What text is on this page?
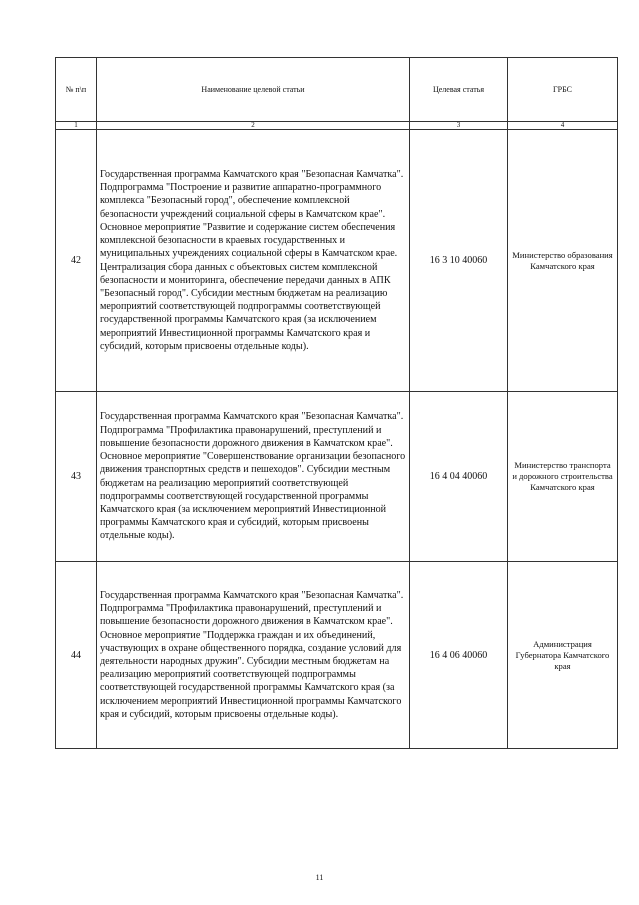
№ п\п	Наименование целевой статьи	Целевая статья	ГРБС
1	2	3	4
42	Государственная программа Камчатского края "Безопасная Камчатка". Подпрограмма "Построение и развитие аппаратно-программного комплекса "Безопасный город", обеспечение комплексной безопасности учреждений социальной сферы в Камчатском крае". Основное мероприятие "Развитие и содержание систем обеспечения комплексной безопасности в краевых государственных и муниципальных учреждениях социальной сферы в Камчатском крае. Централизация сбора данных с объектовых систем комплексной безопасности и мониторинга, обеспечение передачи данных в АПК "Безопасный город". Субсидии местным бюджетам на реализацию мероприятий соответствующей подпрограммы соответствующей государственной программы Камчатского края (за исключением мероприятий Инвестиционной программы Камчатского края и субсидий, которым присвоены отдельные коды).	16 3 10 40060	Министерство образования Камчатского края
43	Государственная программа Камчатского края "Безопасная Камчатка". Подпрограмма "Профилактика правонарушений, преступлений и повышение безопасности дорожного движения в Камчатском крае". Основное мероприятие "Совершенствование организации безопасного движения транспортных средств и пешеходов". Субсидии местным бюджетам на реализацию мероприятий соответствующей подпрограммы соответствующей государственной программы Камчатского края (за исключением мероприятий Инвестиционной программы Камчатского края и субсидий, которым присвоены отдельные коды).	16 4 04 40060	Министерство транспорта и дорожного строительства Камчатского края
44	Государственная программа Камчатского края "Безопасная Камчатка". Подпрограмма "Профилактика правонарушений, преступлений и повышение безопасности дорожного движения в Камчатском крае". Основное мероприятие "Поддержка граждан и их объединений, участвующих в охране общественного порядка, создание условий для деятельности народных дружин". Субсидии местным бюджетам на реализацию мероприятий соответствующей подпрограммы соответствующей государственной программы Камчатского края (за исключением мероприятий Инвестиционной программы Камчатского края и субсидий, которым присвоены отдельные коды).	16 4 06 40060	Администрация Губернатора Камчатского края
11
